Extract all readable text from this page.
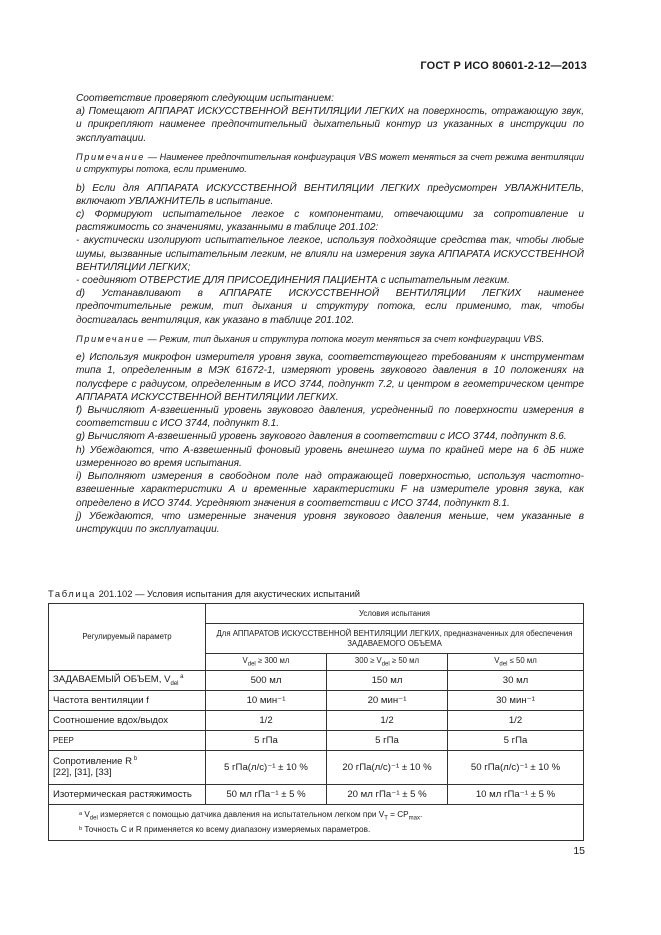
ГОСТ Р ИСО 80601-2-12—2013

Соответствие проверяют следующим испытанием:

a) Помещают АППАРАТ ИСКУССТВЕННОЙ ВЕНТИЛЯЦИИ ЛЕГКИХ на поверхность, отражающую звук, и прикрепляют наименее предпочтительный дыхательный контур из указанных в инструкции по эксплуатации.

Примечание — Наименее предпочтительная конфигурация VBS может меняться за счет режима вентиляции и структуры потока, если применимо.

b) Если для АППАРАТА ИСКУССТВЕННОЙ ВЕНТИЛЯЦИИ ЛЕГКИХ предусмотрен УВЛАЖНИТЕЛЬ, включают УВЛАЖНИТЕЛЬ в испытание.

c) Формируют испытательное легкое с компонентами, отвечающими за сопротивление и растяжимость со значениями, указанными в таблице 201.102:

- акустически изолируют испытательное легкое, используя подходящие средства так, чтобы любые шумы, вызванные испытательным легким, не влияли на измерения звука АППАРАТА ИСКУССТВЕННОЙ ВЕНТИЛЯЦИИ ЛЕГКИХ;

- соединяют ОТВЕРСТИЕ ДЛЯ ПРИСОЕДИНЕНИЯ ПАЦИЕНТА с испытательным легким.

d) Устанавливают в АППАРАТЕ ИСКУССТВЕННОЙ ВЕНТИЛЯЦИИ ЛЕГКИХ наименее предпочтительные режим, тип дыхания и структуру потока, если применимо, так, чтобы достигалась вентиляция, как указано в таблице 201.102.

Примечание — Режим, тип дыхания и структура потока могут меняться за счет конфигурации VBS.

e) Используя микрофон измерителя уровня звука, соответствующего требованиям к инструментам типа 1, определенным в МЭК 61672-1, измеряют уровень звукового давления в 10 положениях на полусфере с радиусом, определенным в ИСО 3744, подпункт 7.2, и центром в геометрическом центре АППАРАТА ИСКУССТВЕННОЙ ВЕНТИЛЯЦИИ ЛЕГКИХ.

f) Вычисляют А-взвешенный уровень звукового давления, усредненный по поверхности измерения в соответствии с ИСО 3744, подпункт 8.1.

g) Вычисляют А-взвешенный уровень звукового давления в соответствии с ИСО 3744, подпункт 8.6.

h) Убеждаются, что А-взвешенный фоновый уровень внешнего шума по крайней мере на 6 дБ ниже измеренного во время испытания.

i) Выполняют измерения в свободном поле над отражающей поверхностью, используя частотно-взвешенные характеристики А и временные характеристики F на измерителе уровня звука, как определено в ИСО 3744. Усредняют значения в соответствии с ИСО 3744, подпункт 8.1.

j) Убеждаются, что измеренные значения уровня звукового давления меньше, чем указанные в инструкции по эксплуатации.

Таблица 201.102 — Условия испытания для акустических испытаний
Регулируемый параметр	Условия испытания		
	Для АППАРАТОВ ИСКУССТВЕННОЙ ВЕНТИЛЯЦИИ ЛЕГКИХ, предназначенных для обеспечения ЗАДАВАЕМОГО ОБЪЕМА		
	$V_{del} \ge 300$ мл	$300 \ge V_{del} \ge 50$ мл	$V_{del} \le 50$ мл
ЗАДАВАЕМЫЙ ОБЪЕМ, $V_{del}$ $^a$	500 мл	150 мл	30 мл
Частота вентиляции f	10 мин⁻¹	20 мин⁻¹	30 мин⁻¹
Соотношение вдох/выдох	1/2	1/2	1/2
PEEP	5 гПа	5 гПа	5 гПа
Сопротивление R $^b$
[22], [31], [33]	5 гПа(л/с)⁻¹ ± 10 %	20 гПа(л/с)⁻¹ ± 10 %	50 гПа(л/с)⁻¹ ± 10 %
Изотермическая растяжимость	50 мл гПа⁻¹ ± 5 %	20 мл гПа⁻¹ ± 5 %	10 мл гПа⁻¹ ± 5 %

ᵃ $V_{del}$ измеряется с помощью датчика давления на испытательном легком при $V_T = CP_{max}$.
ᵇ Точность C и R применяется ко всему диапазону измеряемых параметров.			
15
